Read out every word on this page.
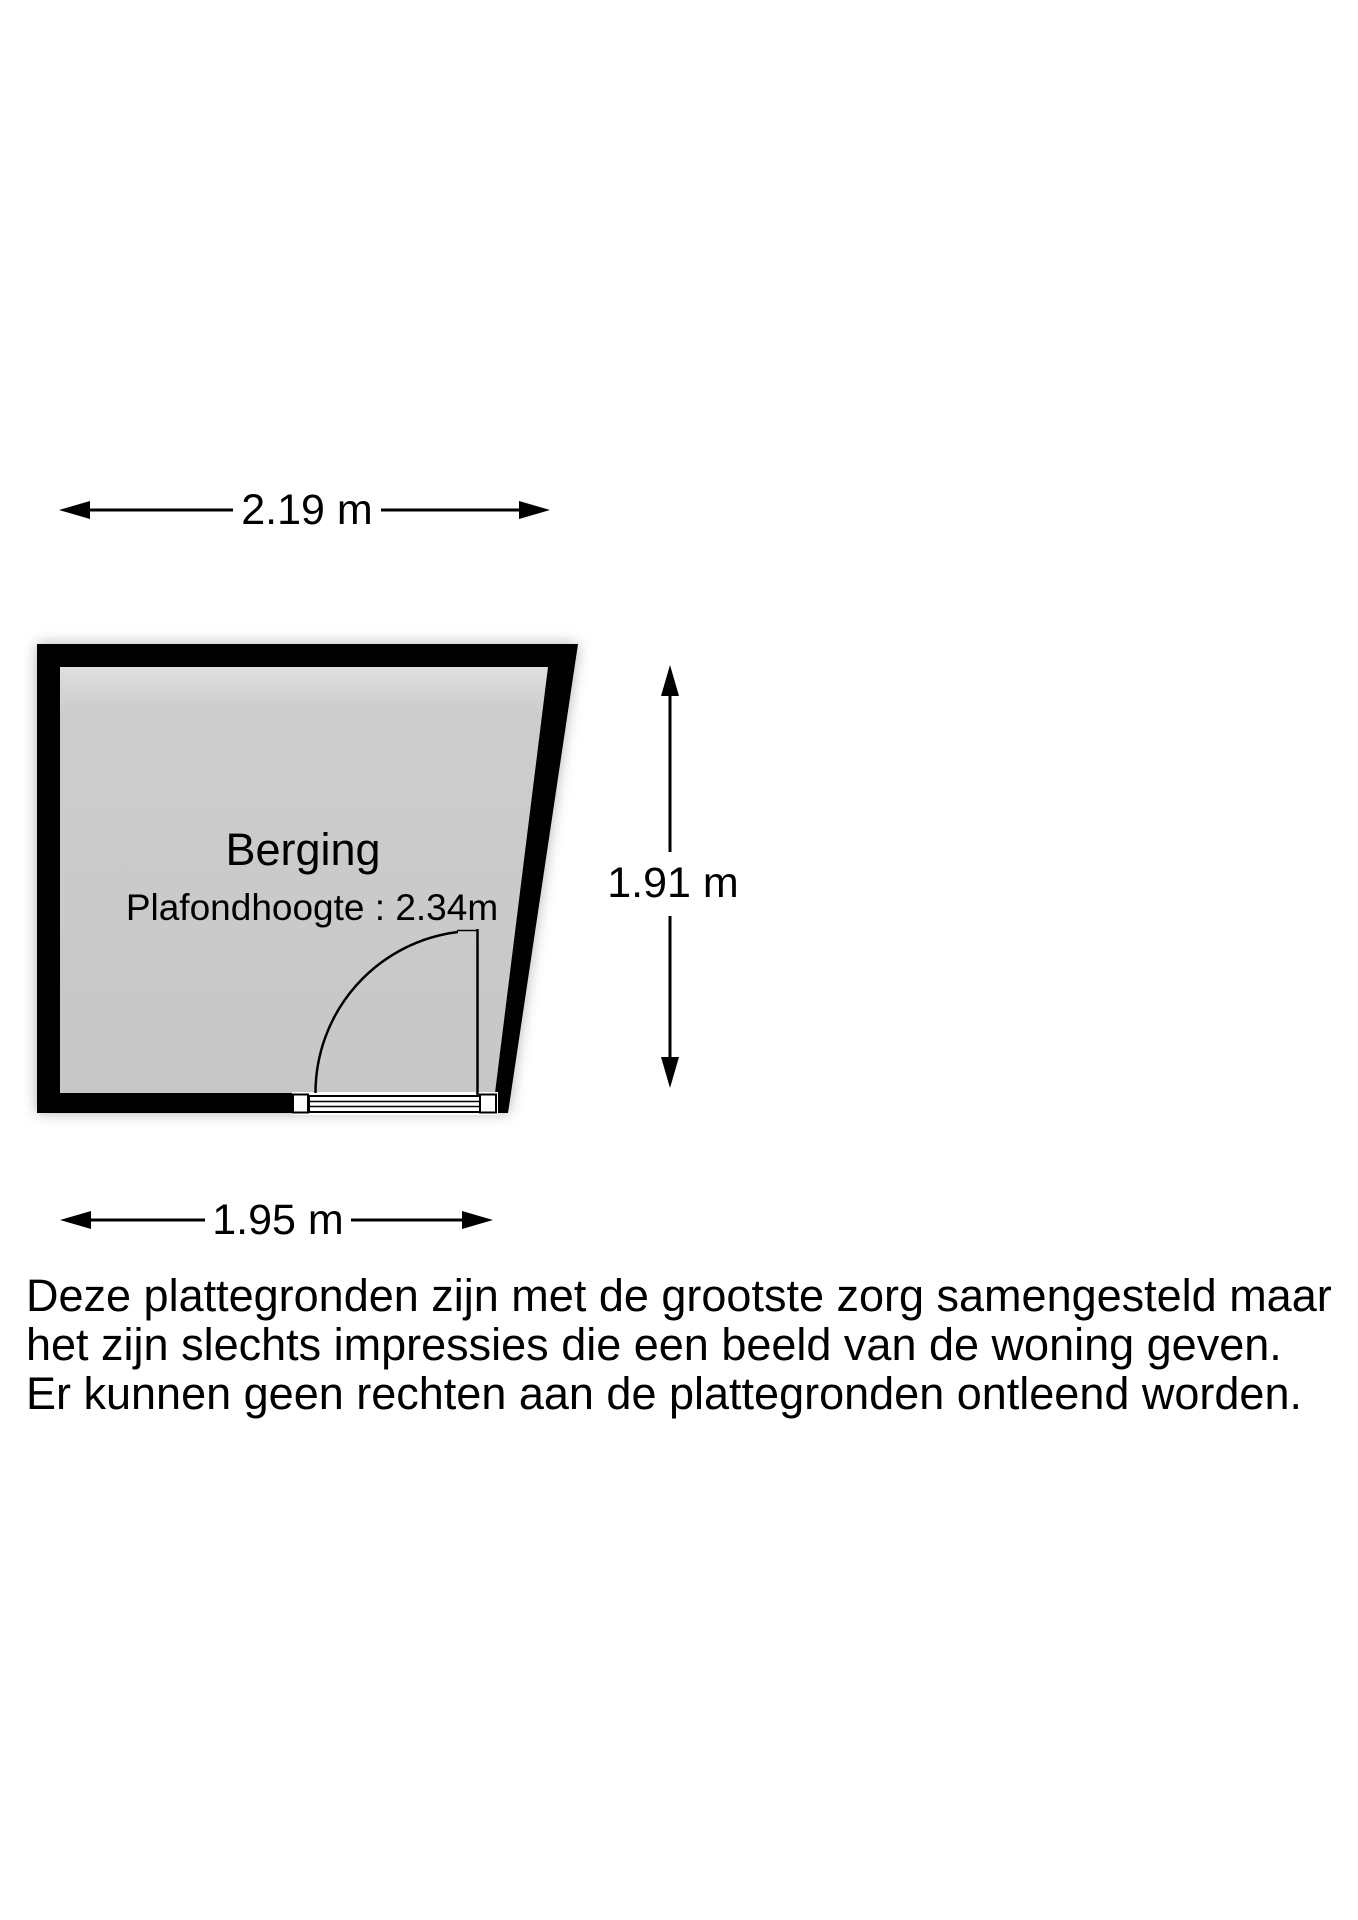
2.19 m
1.91 m
1.95 m
Berging
Plafondhoogte : 2.34m
Deze plattegronden zijn met de grootste zorg samengesteld maar
het zijn slechts impressies die een beeld van de woning geven.
Er kunnen geen rechten aan de plattegronden ontleend worden.
